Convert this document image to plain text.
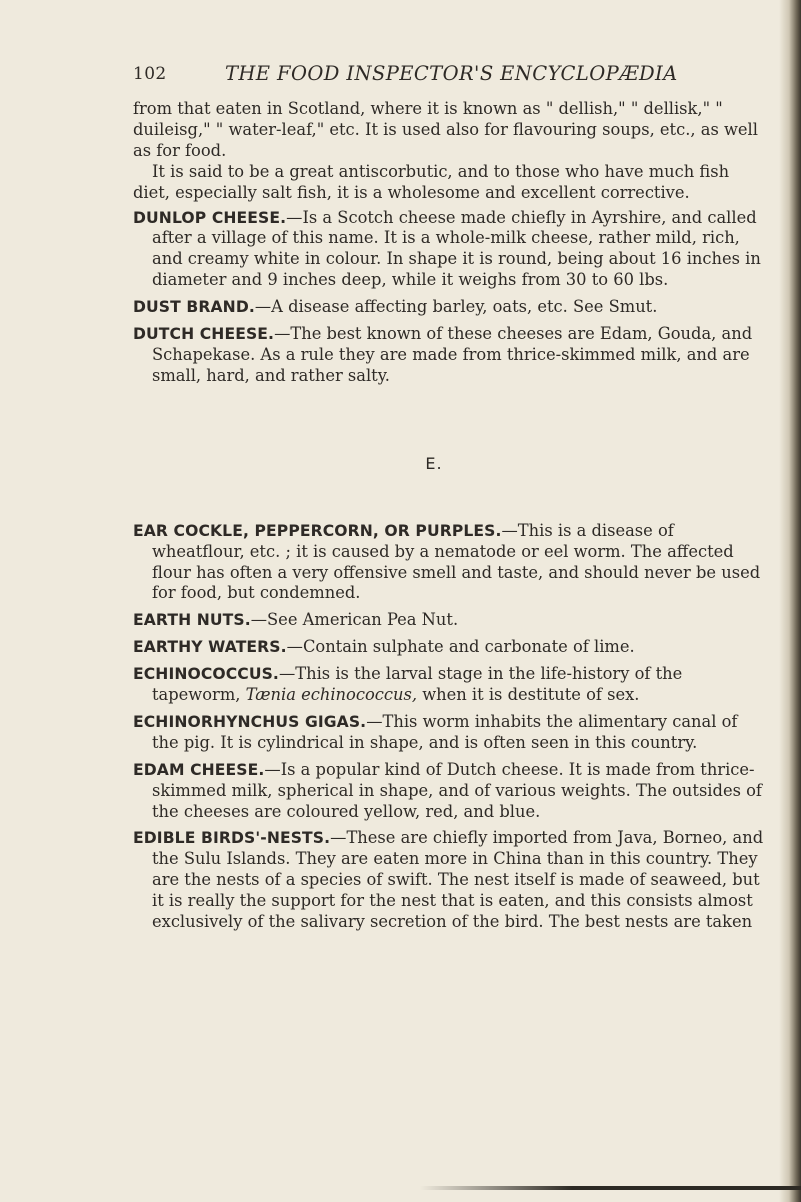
102	THE FOOD INSPECTOR'S ENCYCLOPÆDIA

from that eaten in Scotland, where it is known as " dellish," " dellisk," " duileisg," " water-leaf," etc. It is used also for flavouring soups, etc., as well as for food.

It is said to be a great antiscorbutic, and to those who have much fish diet, especially salt fish, it is a wholesome and excellent corrective.

DUNLOP CHEESE.—Is a Scotch cheese made chiefly in Ayrshire, and called after a village of this name. It is a whole-milk cheese, rather mild, rich, and creamy white in colour. In shape it is round, being about 16 inches in diameter and 9 inches deep, while it weighs from 30 to 60 lbs.

DUST BRAND.—A disease affecting barley, oats, etc. See Smut.

DUTCH CHEESE.—The best known of these cheeses are Edam, Gouda, and Schapekase. As a rule they are made from thrice-skimmed milk, and are small, hard, and rather salty.

E.

EAR COCKLE, PEPPERCORN, OR PURPLES.—This is a disease of wheatflour, etc. ; it is caused by a nematode or eel worm. The affected flour has often a very offensive smell and taste, and should never be used for food, but condemned.

EARTH NUTS.—See American Pea Nut.

EARTHY WATERS.—Contain sulphate and carbonate of lime.

ECHINOCOCCUS.—This is the larval stage in the life-history of the tapeworm, Tænia echinococcus, when it is destitute of sex.

ECHINORHYNCHUS GIGAS.—This worm inhabits the alimentary canal of the pig. It is cylindrical in shape, and is often seen in this country.

EDAM CHEESE.—Is a popular kind of Dutch cheese. It is made from thrice-skimmed milk, spherical in shape, and of various weights. The outsides of the cheeses are coloured yellow, red, and blue.

EDIBLE BIRDS'-NESTS.—These are chiefly imported from Java, Borneo, and the Sulu Islands. They are eaten more in China than in this country. They are the nests of a species of swift. The nest itself is made of seaweed, but it is really the support for the nest that is eaten, and this consists almost exclusively of the salivary secretion of the bird. The best nests are taken
